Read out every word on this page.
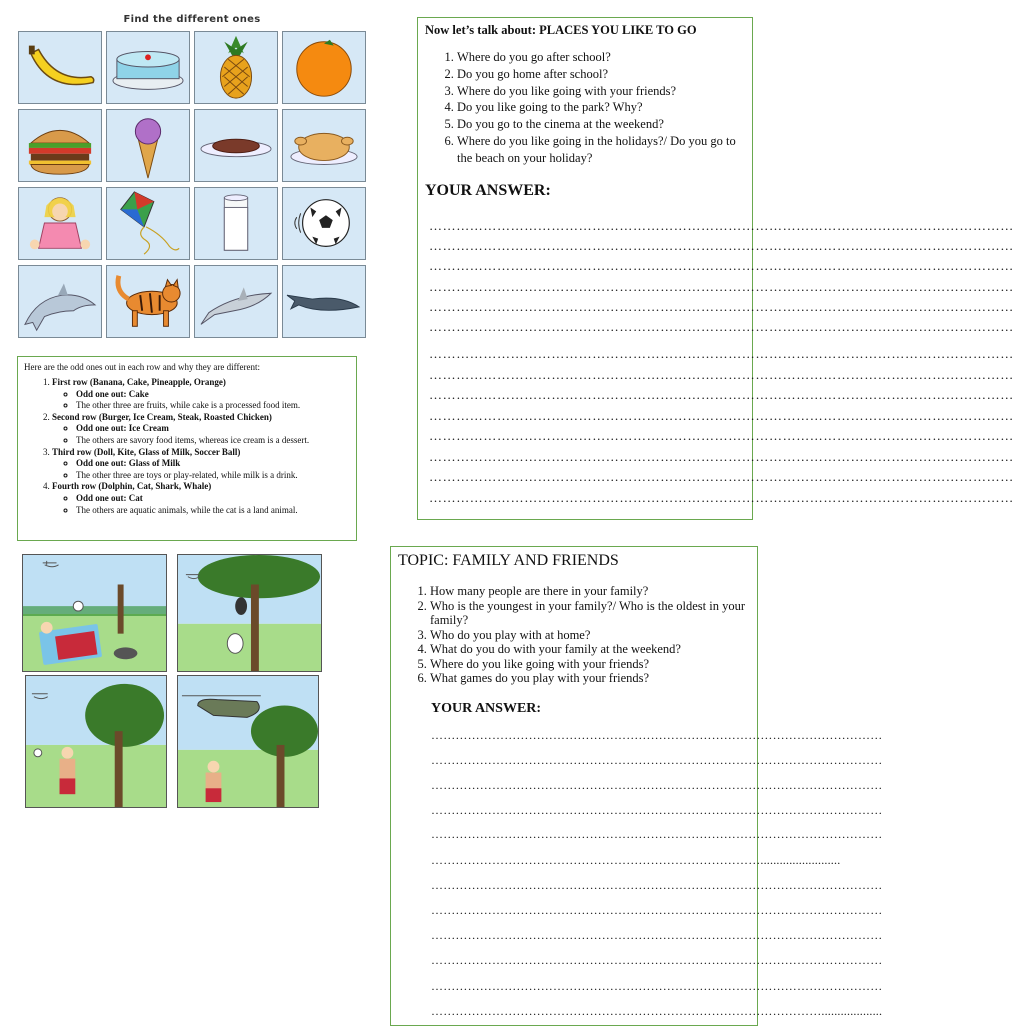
Find the different ones
Here are the odd ones out in each row and why they are different:
1. First row (Banana, Cake, Pineapple, Orange)
◦ Odd one out: Cake
◦ The other three are fruits, while cake is a processed food item.
2. Second row (Burger, Ice Cream, Steak, Roasted Chicken)
◦ Odd one out: Ice Cream
◦ The others are savory food items, whereas ice cream is a dessert.
3. Third row (Doll, Kite, Glass of Milk, Soccer Ball)
◦ Odd one out: Glass of Milk
◦ The other three are toys or play-related, while milk is a drink.
4. Fourth row (Dolphin, Cat, Shark, Whale)
◦ Odd one out: Cat
◦ The others are aquatic animals, while the cat is a land animal.
Now let’s talk about: PLACES YOU LIKE TO GO
1. Where do you go after school?
2. Do you go home after school?
3. Where do you like going with your friends?
4. Do you like going to the park? Why?
5. Do you go to the cinema at the weekend?
6. Where do you like going in the holidays?/ Do you go to the beach on your holiday?
YOUR ANSWER:
…………………………………………………………………………………………………………………
…………………………………………………………………………………………………………………
…………………………………………………………………………………………………………………
…………………………………………………………………………………………………………………
…………………………………………………………………………………………………………………
…………………………………………………………………………………………………………………
…………………………………………………………………………………………………………………
…………………………………………………………………………………………………………………
…………………………………………………………………………………………………………………
…………………………………………………………………………………………………………………
…………………………………………………………………………………………………………………
…………………………………………………………………………………………………………………
…………………………………………………………………………………………………………………
…………………………………………………………………………………………………………………
TOPIC: FAMILY AND FRIENDS
1. How many people are there in your family?
2. Who is the youngest in your family?/ Who is the oldest in your family?
3. Who do you play with at home?
4. What do you do with your family at the weekend?
5. Where do you like going with your friends?
6. What games do you play with your friends?
YOUR ANSWER:
…………………………………………………………………………………………………
…………………………………………………………………………………………………
…………………………………………………………………………………………………
…………………………………………………………………………………………………
…………………………………………………………………………………………………
……………………………………………………………………….........................
…………………………………………………………………………………………………
…………………………………………………………………………………………………
…………………………………………………………………………………………………
…………………………………………………………………………………………………
…………………………………………………………………………………………………
……………………………………………………………………………………...................
